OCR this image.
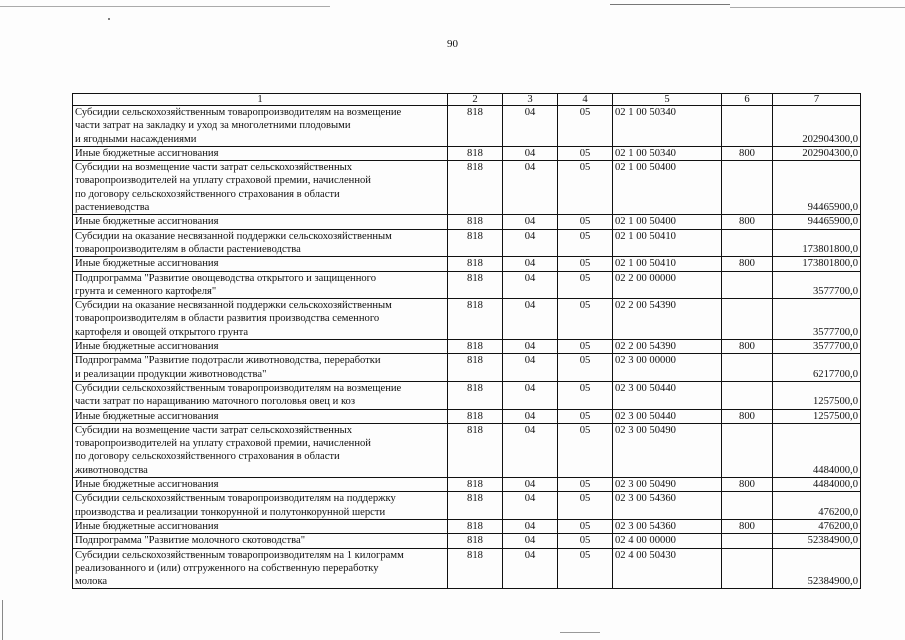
90
1	2	3	4	5	6	7
Субсидии сельскохозяйственным товаропроизводителям на возмещение
части затрат на закладку и уход за многолетними плодовыми
и ягодными насаждениями	818	04	05	02 1 00 50340		202904300,0
Иные бюджетные ассигнования	818	04	05	02 1 00 50340	800	202904300,0
Субсидии на возмещение части затрат сельскохозяйственных
товаропроизводителей на уплату страховой премии, начисленной
по договору сельскохозяйственного страхования в области
растениеводства	818	04	05	02 1 00 50400		94465900,0
Иные бюджетные ассигнования	818	04	05	02 1 00 50400	800	94465900,0
Субсидии на оказание несвязанной поддержки сельскохозяйственным
товаропроизводителям в области растениеводства	818	04	05	02 1 00 50410		173801800,0
Иные бюджетные ассигнования	818	04	05	02 1 00 50410	800	173801800,0
Подпрограмма "Развитие овощеводства открытого и защищенного
грунта и семенного картофеля"	818	04	05	02 2 00 00000		3577700,0
Субсидии на оказание несвязанной поддержки сельскохозяйственным
товаропроизводителям в области развития производства семенного
картофеля и овощей открытого грунта	818	04	05	02 2 00 54390		3577700,0
Иные бюджетные ассигнования	818	04	05	02 2 00 54390	800	3577700,0
Подпрограмма "Развитие подотрасли животноводства, переработки
и реализации продукции животноводства"	818	04	05	02 3 00 00000		6217700,0
Субсидии сельскохозяйственным товаропроизводителям на возмещение
части затрат по наращиванию маточного поголовья овец и коз	818	04	05	02 3 00 50440		1257500,0
Иные бюджетные ассигнования	818	04	05	02 3 00 50440	800	1257500,0
Субсидии на возмещение части затрат сельскохозяйственных
товаропроизводителей на уплату страховой премии, начисленной
по договору сельскохозяйственного страхования в области
животноводства	818	04	05	02 3 00 50490		4484000,0
Иные бюджетные ассигнования	818	04	05	02 3 00 50490	800	4484000,0
Субсидии сельскохозяйственным товаропроизводителям на поддержку
производства и реализации тонкорунной и полутонкорунной шерсти	818	04	05	02 3 00 54360		476200,0
Иные бюджетные ассигнования	818	04	05	02 3 00 54360	800	476200,0
Подпрограмма "Развитие молочного скотоводства"	818	04	05	02 4 00 00000		52384900,0
Субсидии сельскохозяйственным товаропроизводителям на 1 килограмм
реализованного и (или) отгруженного на собственную переработку
молока	818	04	05	02 4 00 50430		52384900,0
